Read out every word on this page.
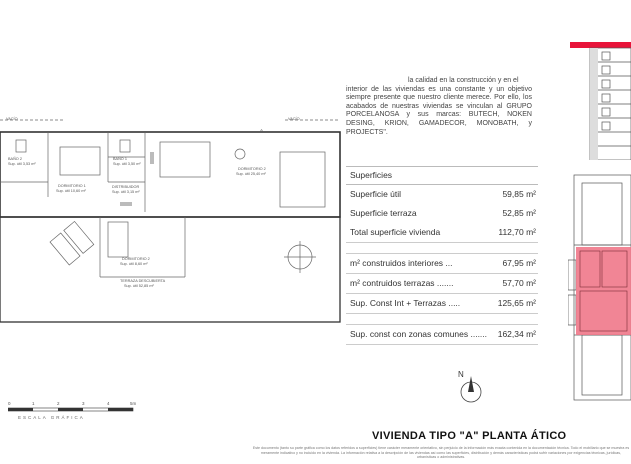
VACÍO	VACÍO
A
BAÑO 2
Sup. útil 3,53 m²
BAÑO 1
Sup. útil 3,50 m²
DORMITORIO 1
Sup. útil 10,60 m²
DISTRIBUIDOR
Sup. útil 3,15 m²
DORMITORIO 2
Sup. útil 25,40 m²
DORMITORIO 2
Sup. útil 8,60 m²
TERRAZA DESCUBIERTA
Sup. útil 52,85 m²

la calidad en la construcción y en el

interior de las viviendas es una constante y un objetivo siempre presente que nuestro cliente merece. Por ello, los acabados de nuestras viviendas se vinculan al GRUPO PORCELANOSA y sus marcas: BUTECH, NOKEN DESING, KRION, GAMADECOR, MONOBATH, y PROJECTS".

Superficies
Superficie útil	59,85 m²
Superficie terraza	52,85 m²
Total superficie vivienda	112,70 m²
m² construidos interiores ...	67,95 m²
m² contruidos terrazas .......	57,70 m²
Sup. Const Int + Terrazas .....	125,65 m²
Sup. const con zonas comunes ....... 162,34 m²
N
0	1	2	3	4	5m
ESCALA GRÁFICA
VIVIENDA TIPO "A" PLANTA ÁTICO
Este documento (tanto su parte gráfica como los datos referidos a superficies) tiene carácter meramente orientativo, sin perjuicio de la información más exacta contenida en la documentación técnica. Todo el mobiliario que se muestra es meramente indicativo y no incluido en la vivienda. La información relativa a la descripción de las viviendas así como las superficies, distribución y demás características podrá sufrir variaciones por exigencias técnicas, jurídicas, urbanísticas o administrativas.
